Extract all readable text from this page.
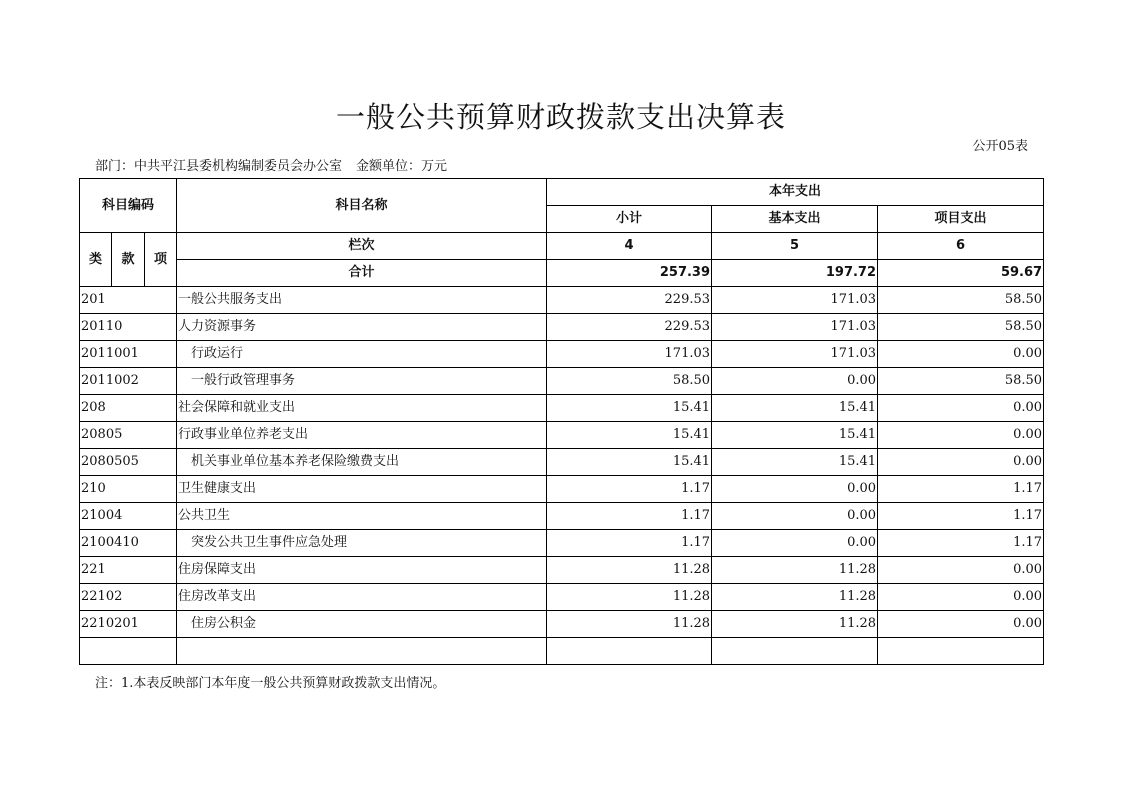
一般公共预算财政拨款支出决算表
公开05表
部门：中共平江县委机构编制委员会办公室 金额单位：万元
科目编码			科目名称	本年支出		
				小计	基本支出	项目支出
类	款	项	栏次	4	5	6
			合计	257.39	197.72	59.67
201			一般公共服务支出	229.53	171.03	58.50
20110			人力资源事务	229.53	171.03	58.50
2011001			行政运行	171.03	171.03	0.00
2011002			一般行政管理事务	58.50	0.00	58.50
208			社会保障和就业支出	15.41	15.41	0.00
20805			行政事业单位养老支出	15.41	15.41	0.00
2080505			机关事业单位基本养老保险缴费支出	15.41	15.41	0.00
210			卫生健康支出	1.17	0.00	1.17
21004			公共卫生	1.17	0.00	1.17
2100410			突发公共卫生事件应急处理	1.17	0.00	1.17
221			住房保障支出	11.28	11.28	0.00
22102			住房改革支出	11.28	11.28	0.00
2210201			住房公积金	11.28	11.28	0.00

注：1.本表反映部门本年度一般公共预算财政拨款支出情况。
